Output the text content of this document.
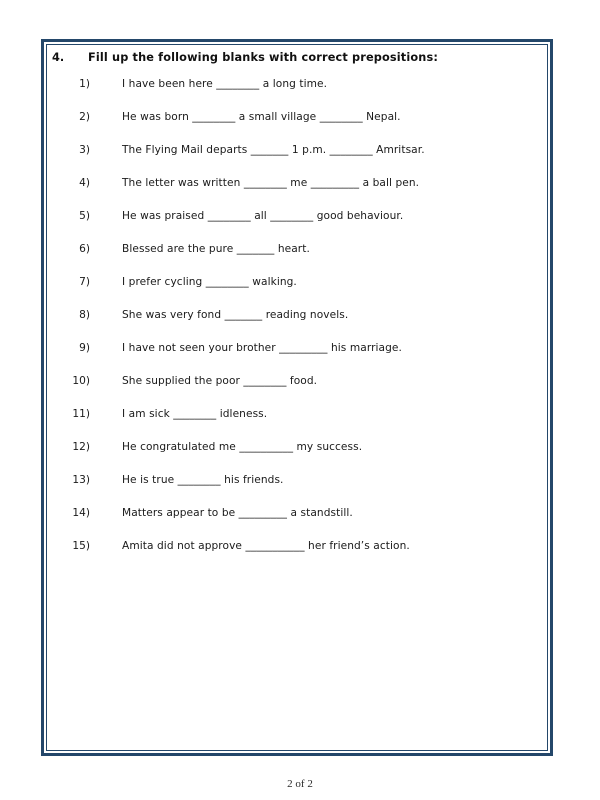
4.	Fill up the following blanks with correct prepositions:
1)	I have been here ________ a long time.
2)	He was born ________ a small village ________ Nepal.
3)	The Flying Mail departs _______ 1 p.m. ________ Amritsar.
4)	The letter was written ________ me _________ a ball pen.
5)	He was praised ________ all ________ good behaviour.
6)	Blessed are the pure _______ heart.
7)	I prefer cycling ________ walking.
8)	She was very fond _______ reading novels.
9)	I have not seen your brother _________ his marriage.
10)	She supplied the poor ________ food.
11)	I am sick ________ idleness.
12)	He congratulated me __________ my success.
13)	He is true ________ his friends.
14)	Matters appear to be _________ a standstill.
15)	Amita did not approve ___________ her friend’s action.
2 of 2
